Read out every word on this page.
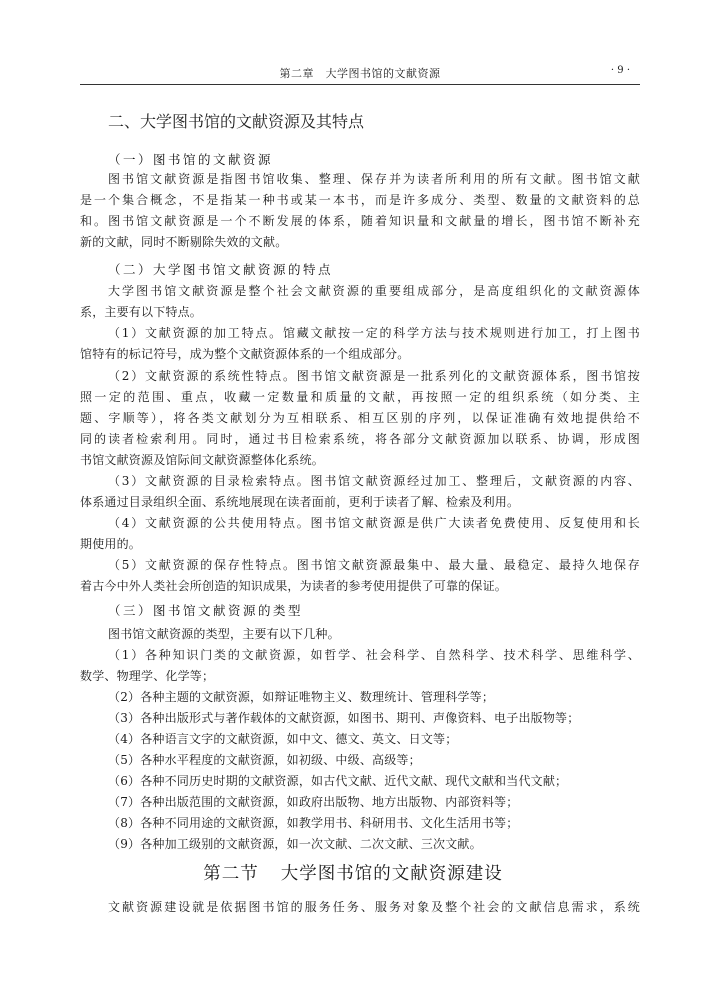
第二章　大学图书馆的文献资源	· 9 ·
二、大学图书馆的文献资源及其特点
（一）图书馆的文献资源
图书馆文献资源是指图书馆收集、整理、保存并为读者所利用的所有文献。图书馆文献
是一个集合概念，不是指某一种书或某一本书，而是许多成分、类型、数量的文献资料的总
和。图书馆文献资源是一个不断发展的体系，随着知识量和文献量的增长，图书馆不断补充
新的文献，同时不断剔除失效的文献。
（二）大学图书馆文献资源的特点
大学图书馆文献资源是整个社会文献资源的重要组成部分，是高度组织化的文献资源体
系，主要有以下特点。
（1）文献资源的加工特点。馆藏文献按一定的科学方法与技术规则进行加工，打上图书
馆特有的标记符号，成为整个文献资源体系的一个组成部分。
（2）文献资源的系统性特点。图书馆文献资源是一批系列化的文献资源体系，图书馆按
照一定的范围、重点，收藏一定数量和质量的文献，再按照一定的组织系统（如分类、主
题、字顺等），将各类文献划分为互相联系、相互区别的序列，以保证准确有效地提供给不
同的读者检索利用。同时，通过书目检索系统，将各部分文献资源加以联系、协调，形成图
书馆文献资源及馆际间文献资源整体化系统。
（3）文献资源的目录检索特点。图书馆文献资源经过加工、整理后，文献资源的内容、
体系通过目录组织全面、系统地展现在读者面前，更利于读者了解、检索及利用。
（4）文献资源的公共使用特点。图书馆文献资源是供广大读者免费使用、反复使用和长
期使用的。
（5）文献资源的保存性特点。图书馆文献资源最集中、最大量、最稳定、最持久地保存
着古今中外人类社会所创造的知识成果，为读者的参考使用提供了可靠的保证。
（三）图书馆文献资源的类型
图书馆文献资源的类型，主要有以下几种。
（1）各种知识门类的文献资源，如哲学、社会科学、自然科学、技术科学、思维科学、
数学、物理学、化学等；
（2）各种主题的文献资源，如辩证唯物主义、数理统计、管理科学等；
（3）各种出版形式与著作载体的文献资源，如图书、期刊、声像资料、电子出版物等；
（4）各种语言文字的文献资源，如中文、德文、英文、日文等；
（5）各种水平程度的文献资源，如初级、中级、高级等；
（6）各种不同历史时期的文献资源，如古代文献、近代文献、现代文献和当代文献；
（7）各种出版范围的文献资源，如政府出版物、地方出版物、内部资料等；
（8）各种不同用途的文献资源，如教学用书、科研用书、文化生活用书等；
（9）各种加工级别的文献资源，如一次文献、二次文献、三次文献。
第二节 大学图书馆的文献资源建设
文献资源建设就是依据图书馆的服务任务、服务对象及整个社会的文献信息需求，系统
